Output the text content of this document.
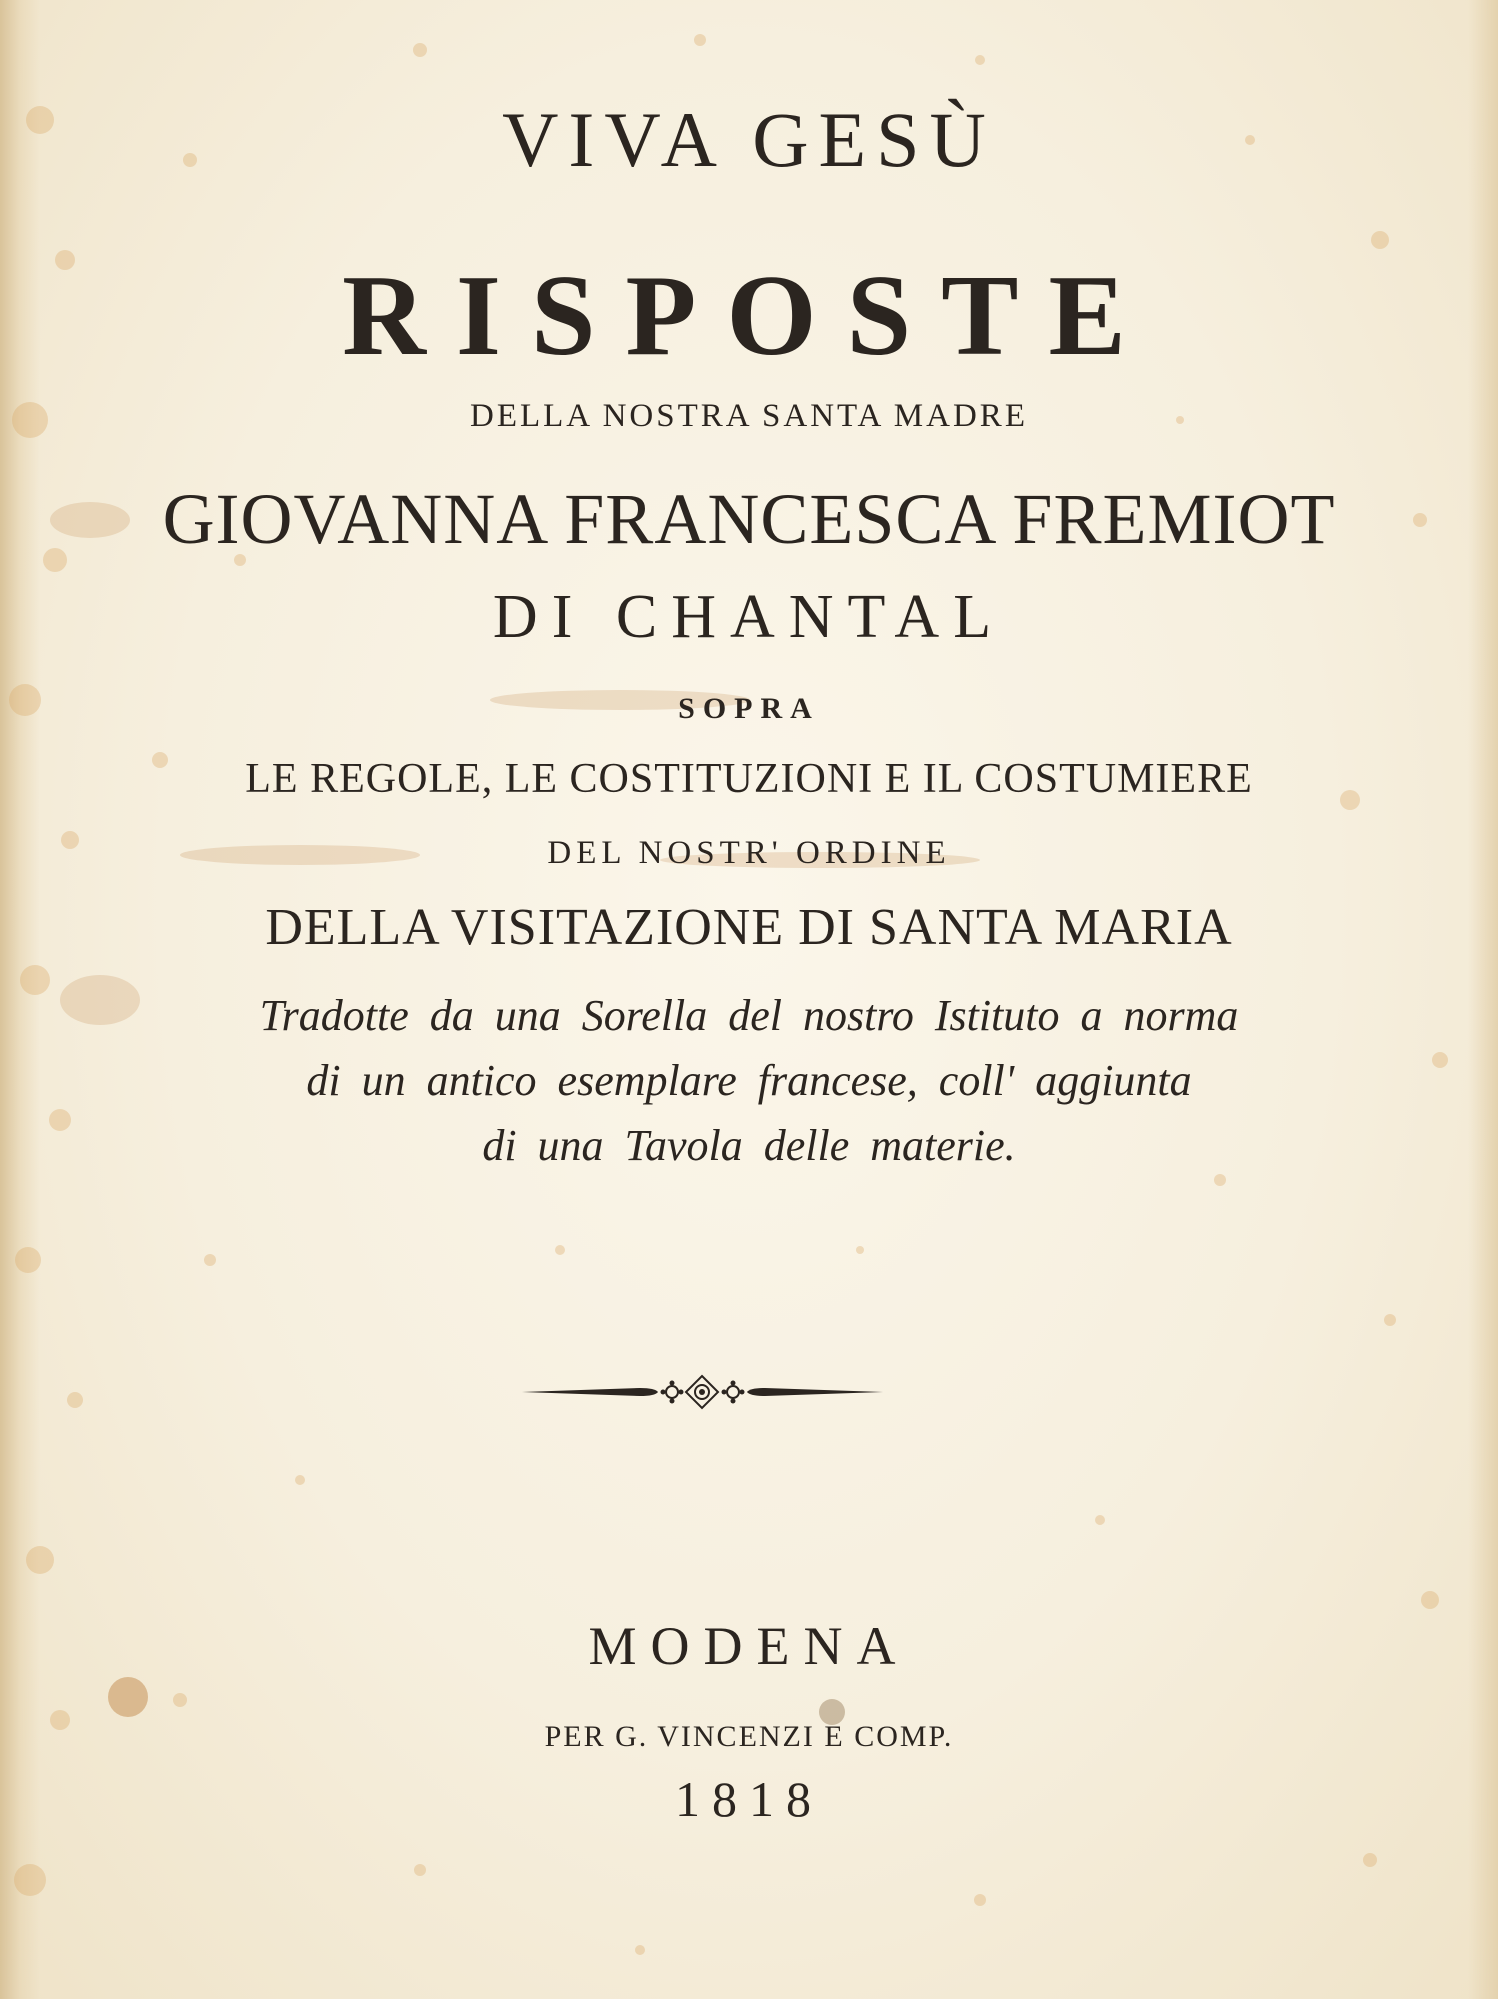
VIVA GESÙ
RISPOSTE
DELLA NOSTRA SANTA MADRE
GIOVANNA FRANCESCA FREMIOT
DI CHANTAL
SOPRA
LE REGOLE, LE COSTITUZIONI E IL COSTUMIERE
DEL NOSTR' ORDINE
DELLA VISITAZIONE DI SANTA MARIA
Tradotte da una Sorella del nostro Istituto a norma
di un antico esemplare francese, coll' aggiunta
di una Tavola delle materie.
MODENA
PER G. VINCENZI E COMP.
1818
